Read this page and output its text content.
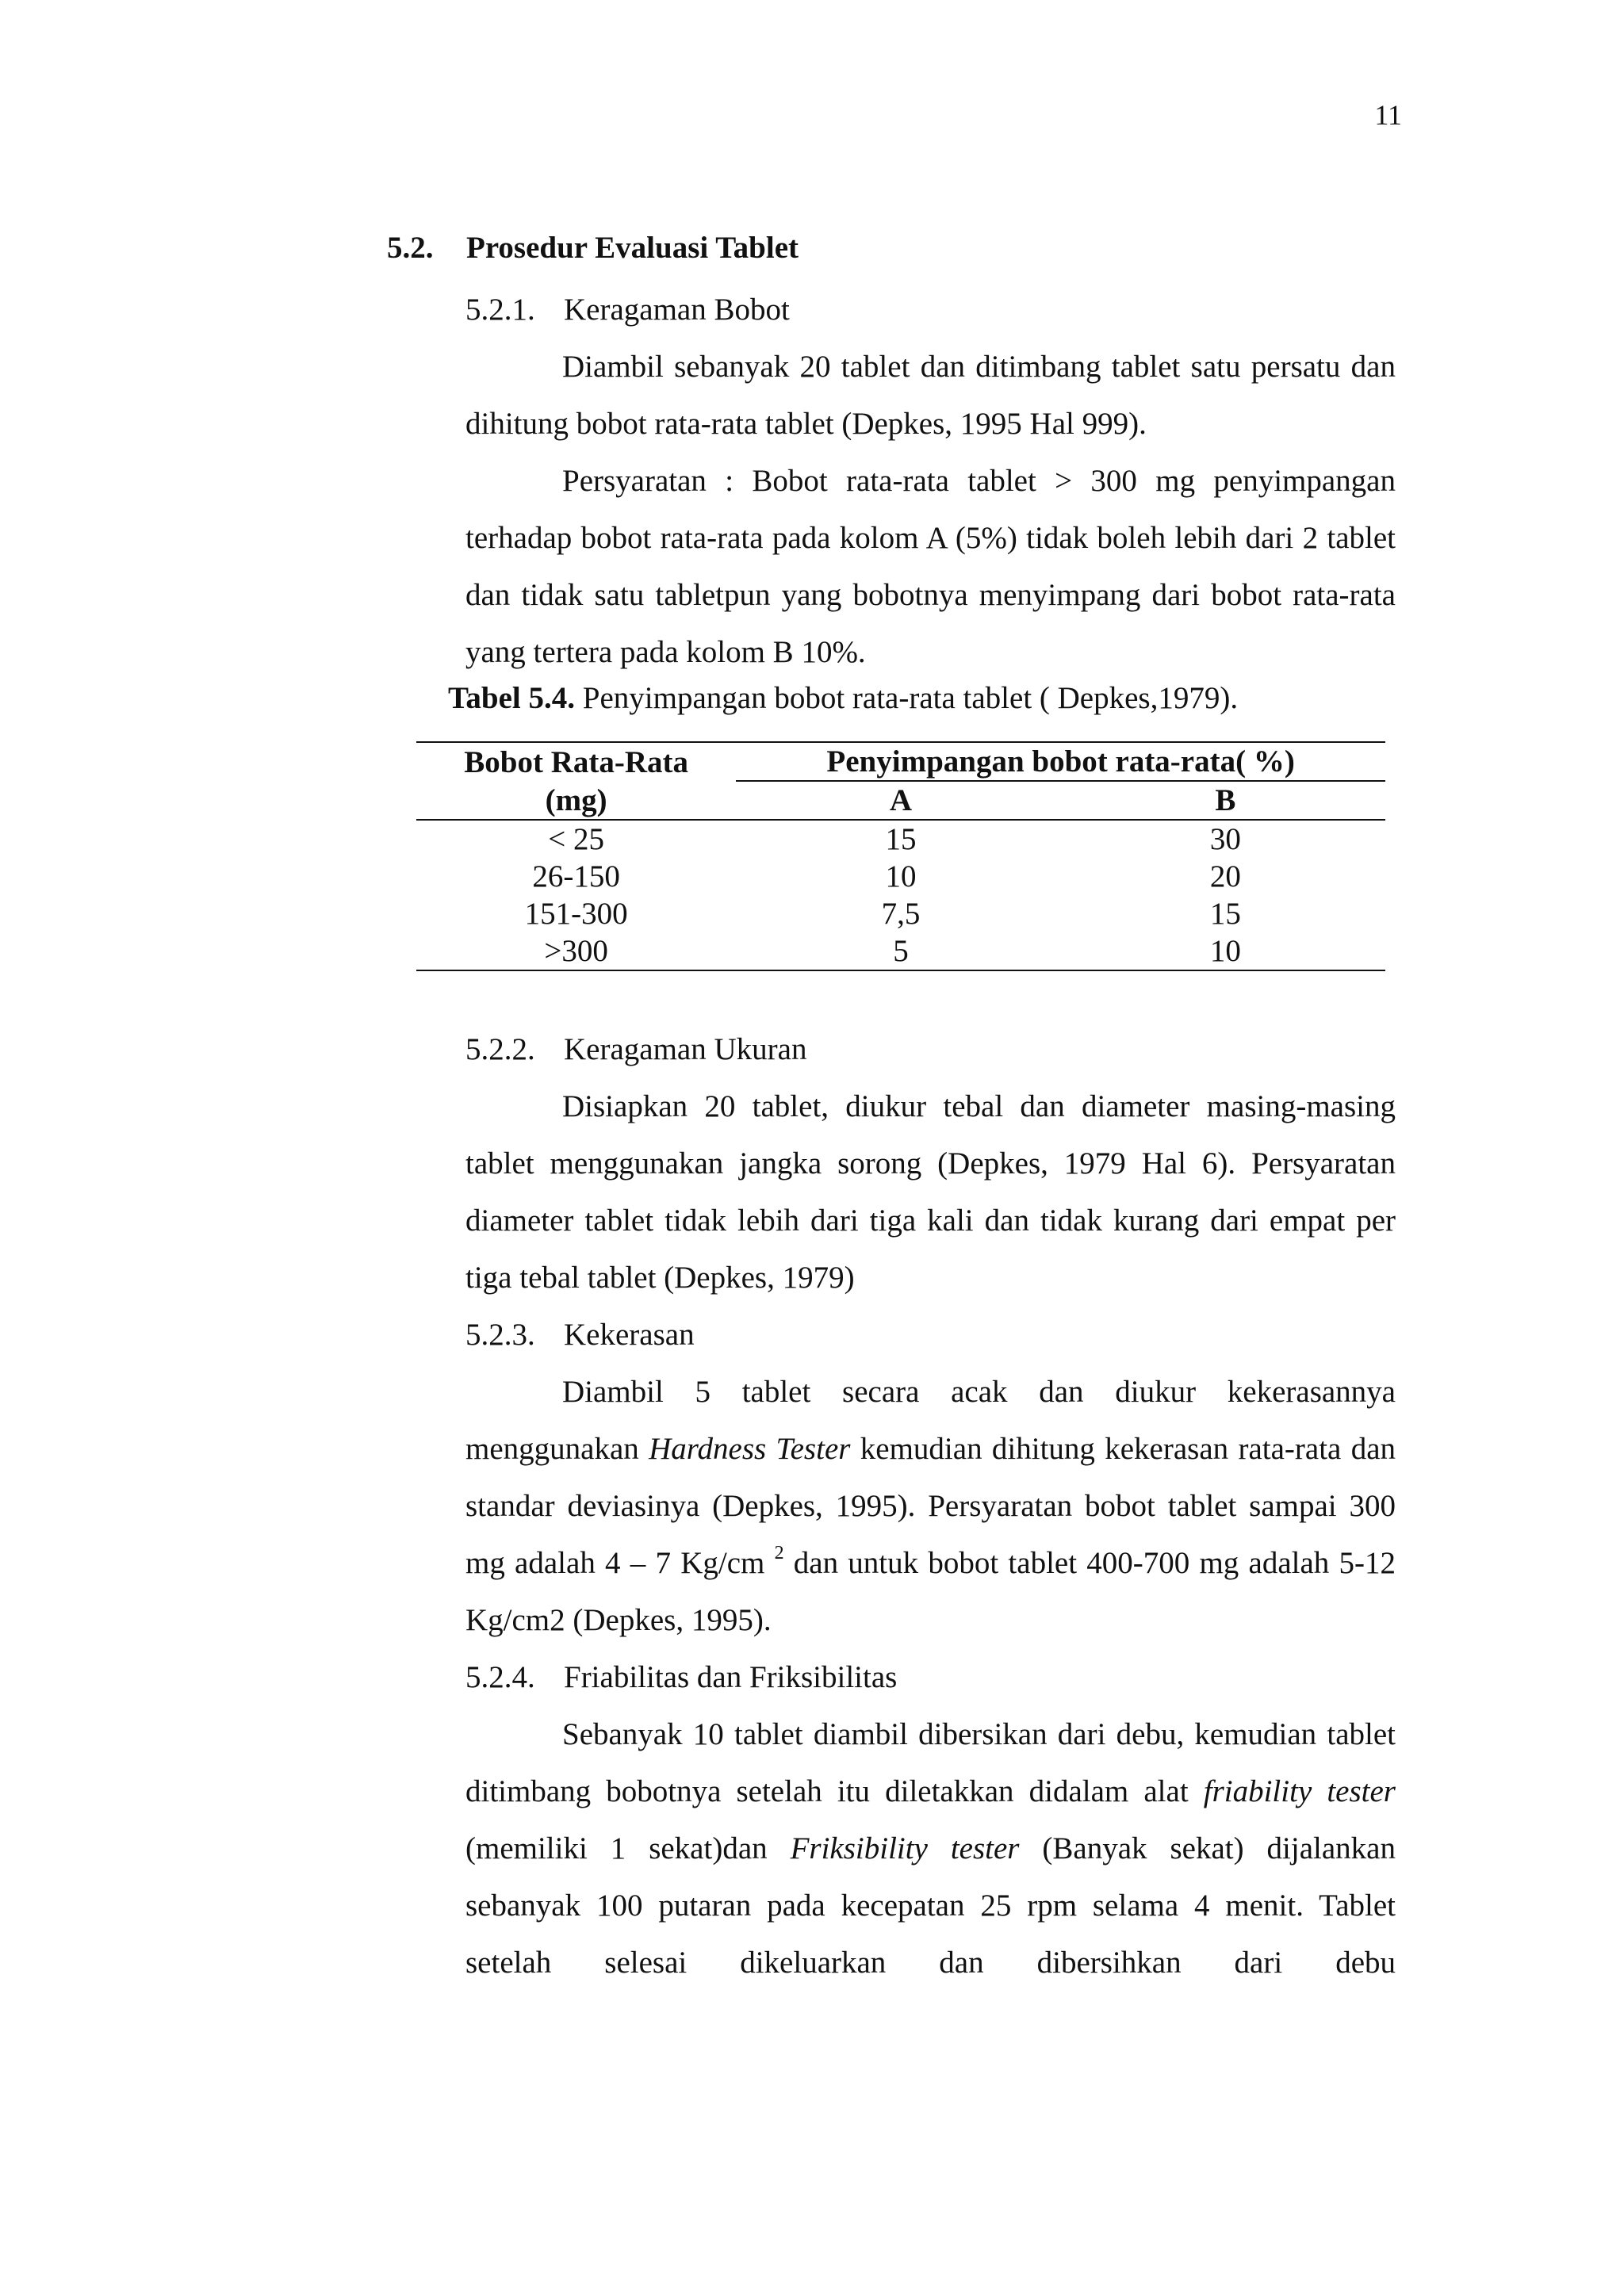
11
5.2. Prosedur Evaluasi Tablet
5.2.1. Keragaman Bobot

Diambil sebanyak 20 tablet dan ditimbang tablet satu persatu dan dihitung bobot rata-rata tablet (Depkes, 1995 Hal 999).

Persyaratan : Bobot rata-rata tablet > 300 mg penyimpangan terhadap bobot rata-rata pada kolom A (5%) tidak boleh lebih dari 2 tablet dan tidak satu tabletpun yang bobotnya menyimpang dari bobot rata-rata yang tertera pada kolom B 10%.

Tabel 5.4. Penyimpangan bobot rata-rata tablet ( Depkes,1979).
Bobot Rata-Rata	Penyimpangan bobot rata-rata( %)	
(mg)	A	B
< 25	15	30
26-150	10	20
151-300	7,5	15
>300	5	10
5.2.2. Keragaman Ukuran

Disiapkan 20 tablet, diukur tebal dan diameter masing-masing tablet menggunakan jangka sorong (Depkes, 1979 Hal 6). Persyaratan diameter tablet tidak lebih dari tiga kali dan tidak kurang dari empat per tiga tebal tablet (Depkes, 1979)

5.2.3. Kekerasan

Diambil 5 tablet secara acak dan diukur kekerasannya menggunakan Hardness Tester kemudian dihitung kekerasan rata-rata dan standar deviasinya (Depkes, 1995). Persyaratan bobot tablet sampai 300 mg adalah 4 – 7 Kg/cm $^2$ dan untuk bobot tablet 400-700 mg adalah 5-12 Kg/cm2 (Depkes, 1995).

5.2.4. Friabilitas dan Friksibilitas

Sebanyak 10 tablet diambil dibersikan dari debu, kemudian tablet ditimbang bobotnya setelah itu diletakkan didalam alat friability tester (memiliki 1 sekat)dan Friksibility tester (Banyak sekat) dijalankan sebanyak 100 putaran pada kecepatan 25 rpm selama 4 menit. Tablet setelah selesai dikeluarkan dan dibersihkan dari debu
